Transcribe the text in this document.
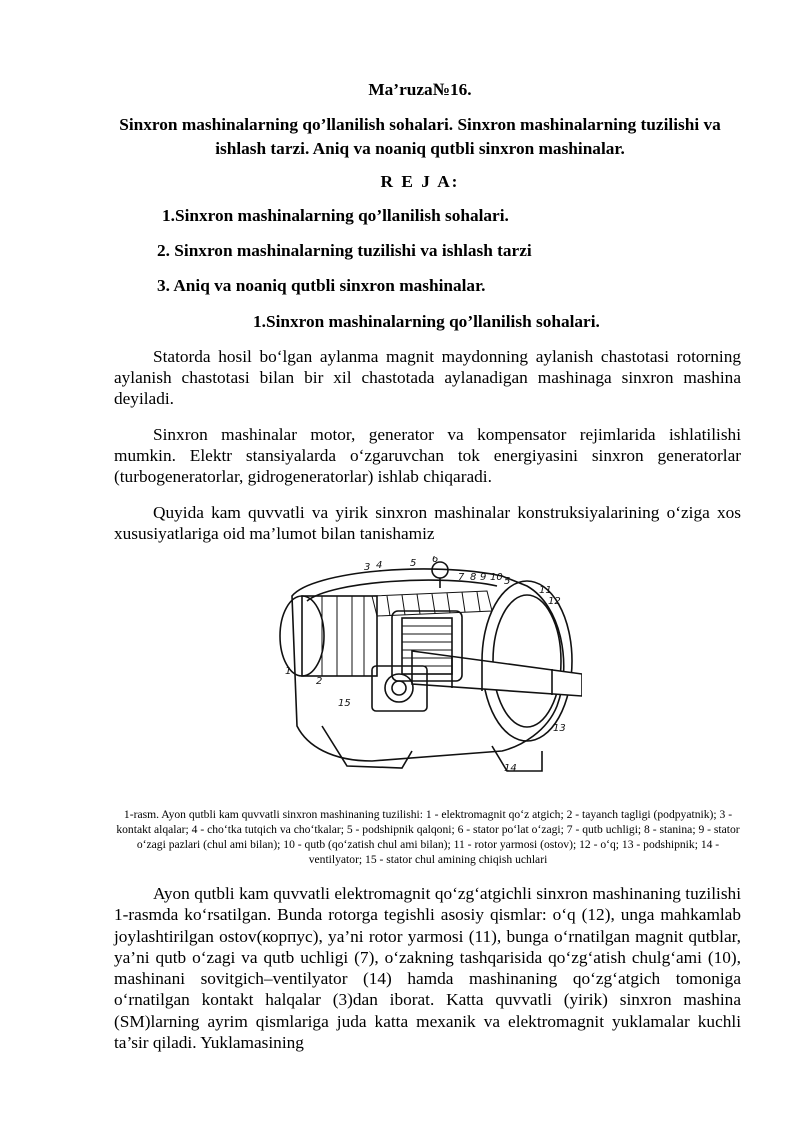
Ma’ruza№16.
Sinxron mashinalarning qo’llanilish sohalari. Sinxron mashinalarning tuzilishi va ishlash tarzi. Aniq va noaniq qutbli sinxron mashinalar.
R E J A:
1.Sinxron mashinalarning qo’llanilish sohalari.
2. Sinxron mashinalarning tuzilishi va ishlash tarzi
3. Aniq va noaniq qutbli sinxron mashinalar.
1.Sinxron mashinalarning qo’llanilish sohalari.
Statorda hosil bo‘lgan aylanma magnit maydonning aylanish chastotasi rotorning aylanish chastotasi bilan bir xil chastotada aylanadigan mashinaga sinxron mashina deyiladi.
Sinxron mashinalar motor, generator va kompensator rejimlarida ishlatilishi mumkin. Elektr stansiyalarda o‘zgaruvchan tok energiyasini sinxron generatorlar (turbogeneratorlar, gidrogeneratorlar) ishlab chiqaradi.
Quyida kam quvvatli va yirik sinxron mashinalar konstruksiyalarining o‘ziga xos xususiyatlariga oid ma’lumot bilan tanishamiz
3 4	5 6
7 8 9 10 5
11
12
1
2
15
13
14
1-rasm. Ayon qutbli kam quvvatli sinxron mashinaning tuzilishi: 1 - elektromagnit qo‘z atgich; 2 - tayanch tagligi (podpyatnik); 3 - kontakt alqalar; 4 - cho‘tka tutqich va cho‘tkalar; 5 - podshipnik qalqoni; 6 - stator po‘lat o‘zagi; 7 - qutb uchligi; 8 - stanina; 9 - stator o‘zagi pazlari (chul ami bilan); 10 - qutb (qo‘zatish chul ami bilan); 11 - rotor yarmosi (ostov); 12 - o‘q; 13 - podshipnik; 14 - ventilyator; 15 - stator chul amining chiqish uchlari
Ayon qutbli kam quvvatli elektromagnit qo‘zg‘atgichli sinxron mashinaning tuzilishi 1-rasmda ko‘rsatilgan. Bunda rotorga tegishli asosiy qismlar: o‘q (12), unga mahkamlab joylashtirilgan ostov(корпус), ya’ni rotor yarmosi (11), bunga o‘rnatilgan magnit qutblar, ya’ni qutb o‘zagi va qutb uchligi (7), o‘zakning tashqarisida qo‘zg‘atish chulg‘ami (10), mashinani sovitgich–ventilyator (14) hamda mashinaning qo‘zg‘atgich tomoniga o‘rnatilgan kontakt halqalar (3)dan iborat. Katta quvvatli (yirik) sinxron mashina (SM)larning ayrim qismlariga juda katta mexanik va elektromagnit yuklamalar kuchli ta’sir qiladi. Yuklamasining
